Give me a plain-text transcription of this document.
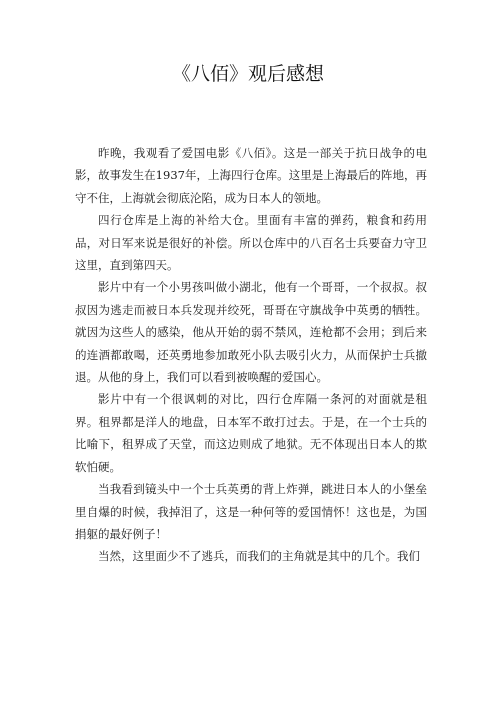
《八佰》观后感想

昨晚，我观看了爱国电影《八佰》。这是一部关于抗日战争的电影，故事发生在1937年，上海四行仓库。这里是上海最后的阵地，再守不住，上海就会彻底沦陷，成为日本人的领地。

四行仓库是上海的补给大仓。里面有丰富的弹药，粮食和药用品，对日军来说是很好的补偿。所以仓库中的八百名士兵要奋力守卫这里，直到第四天。

影片中有一个小男孩叫做小湖北，他有一个哥哥，一个叔叔。叔叔因为逃走而被日本兵发现并绞死，哥哥在守旗战争中英勇的牺牲。就因为这些人的感染，他从开始的弱不禁风，连枪都不会用；到后来的连酒都敢喝，还英勇地参加敢死小队去吸引火力，从而保护士兵撤退。从他的身上，我们可以看到被唤醒的爱国心。

影片中有一个很讽刺的对比，四行仓库隔一条河的对面就是租界。租界都是洋人的地盘，日本军不敢打过去。于是，在一个士兵的比喻下，租界成了天堂，而这边则成了地狱。无不体现出日本人的欺软怕硬。

当我看到镜头中一个士兵英勇的背上炸弹，跳进日本人的小堡垒里自爆的时候，我掉泪了，这是一种何等的爱国情怀！这也是，为国捐躯的最好例子！

当然，这里面少不了逃兵，而我们的主角就是其中的几个。我们
